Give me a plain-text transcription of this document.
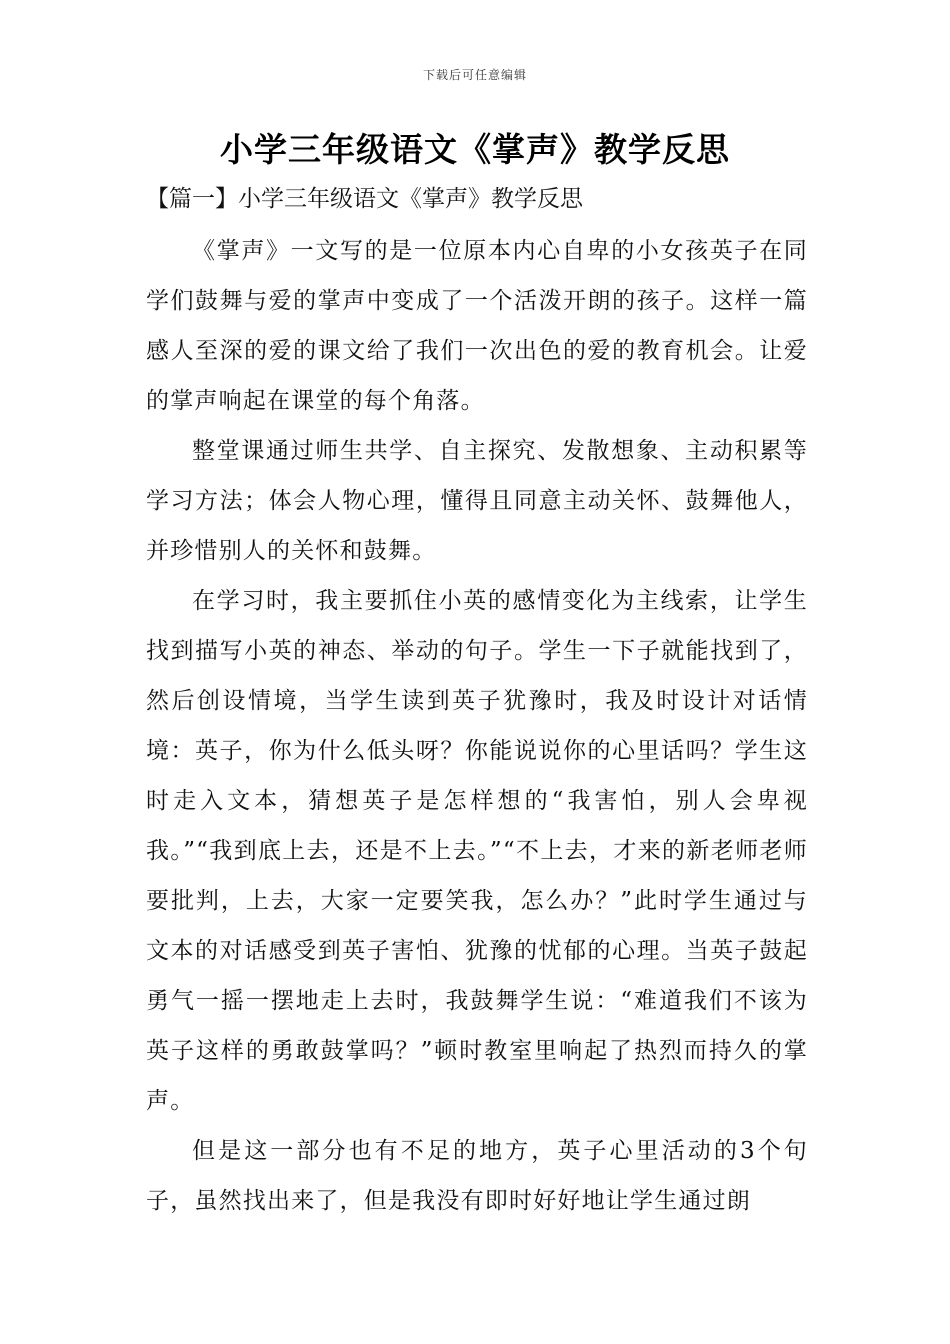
下载后可任意编辑
小学三年级语文《掌声》教学反思
【篇一】小学三年级语文《掌声》教学反思

《掌声》一文写的是一位原本内心自卑的小女孩英子在同学们鼓舞与爱的掌声中变成了一个活泼开朗的孩子。这样一篇感人至深的爱的课文给了我们一次出色的爱的教育机会。让爱的掌声响起在课堂的每个角落。

整堂课通过师生共学、自主探究、发散想象、主动积累等学习方法；体会人物心理，懂得且同意主动关怀、鼓舞他人，并珍惜别人的关怀和鼓舞。

在学习时，我主要抓住小英的感情变化为主线索，让学生找到描写小英的神态、举动的句子。学生一下子就能找到了，然后创设情境，当学生读到英子犹豫时，我及时设计对话情境：英子，你为什么低头呀？你能说说你的心里话吗？学生这时走入文本，猜想英子是怎样想的“我害怕，别人会卑视我。”“我到底上去，还是不上去。”“不上去，才来的新老师老师要批判，上去，大家一定要笑我，怎么办？”此时学生通过与文本的对话感受到英子害怕、犹豫的忧郁的心理。当英子鼓起勇气一摇一摆地走上去时，我鼓舞学生说：“难道我们不该为英子这样的勇敢鼓掌吗？”顿时教室里响起了热烈而持久的掌声。

但是这一部分也有不足的地方，英子心里活动的3个句子，虽然找出来了，但是我没有即时好好地让学生通过朗
